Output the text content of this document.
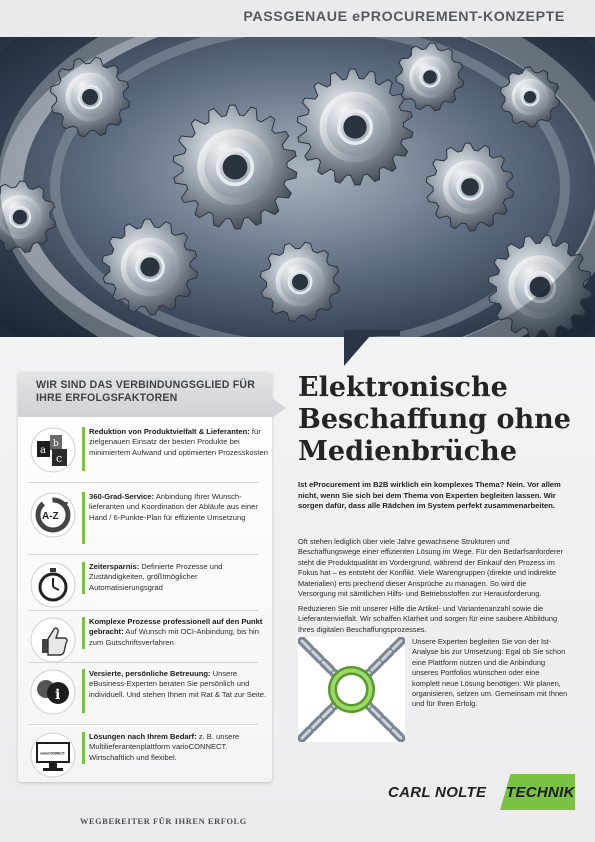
PASSGENAUE ePROCUREMENT-KONZEPTE
WIR SIND DAS VERBINDUNGSGLIED FÜR IHRE ERFOLGSFAKTOREN
a
b
c
Reduktion von Produktvielfalt & Lieferanten: für zielgenauen Einsatz der besten Produkte bei minimiertem Aufwand und optimierten Prozesskosten
A-Z
360-Grad-Service: Anbindung Ihrer Wunsch-lieferanten und Koordination der Abläufe aus einer Hand / 6-Punkte-Plan für effiziente Umsetzung
Zeitersparnis: Definierte Prozesse und Zuständigkeiten, größtmöglicher Automatisierungsgrad
Komplexe Prozesse professionell auf den Punkt gebracht: Auf Wunsch mit OCI-Anbindung, bis hin zum Gutschriftsverfahren
i
Versierte, persönliche Betreuung: Unsere eBusiness-Experten beraten Sie persönlich und individuell. Und stehen Ihnen mit Rat & Tat zur Seite.
varioCONNECT
Lösungen nach Ihrem Bedarf: z. B. unsere Multilieferantenplattform varioCONNECT. Wirtschaftlich und flexibel.
WEGBEREITER FÜR IHREN ERFOLG
Elektronische Beschaffung ohne Medienbrüche
Ist eProcurement im B2B wirklich ein komplexes Thema? Nein. Vor allem nicht, wenn Sie sich bei dem Thema von Experten begleiten lassen. Wir sorgen dafür, dass alle Rädchen im System perfekt zusammenarbeiten.
Oft stehen lediglich über viele Jahre gewachsene Strukturen und Beschaffungswege einer effizienten Lösung im Wege. Für den Bedarfsanforderer steht die Produktqualität im Vordergrund, während der Einkauf den Prozess im Fokus hat – es entsteht der Konflikt. Viele Warengruppen (direkte und indirekte Materialien) erts prechend dieser Ansprüche zu managen. So wird die Versorgung mit sämtlichen Hilfs- und Betriebsstoffen zur Herausforderung.
Reduzieren Sie mit unserer Hilfe die Artikel- und Variantenanzahl sowie die Lieferantenvielfalt. Wir schaffen Klarheit und sorgen für eine saubere Abbildung Ihres digitalen Beschaffungsprozesses.
Unsere Experten begleiten Sie von der Ist-Analyse bis zur Umsetzung: Egal ob Sie schon eine Plattform nutzen und die Anbindung unseres Portfolios wünschen oder eine komplett neue Lösung benötigen: Wir planen, organisieren, setzen um. Gemeinsam mit Ihnen und für Ihren Erfolg.
CARL NOLTE TECHNIK
